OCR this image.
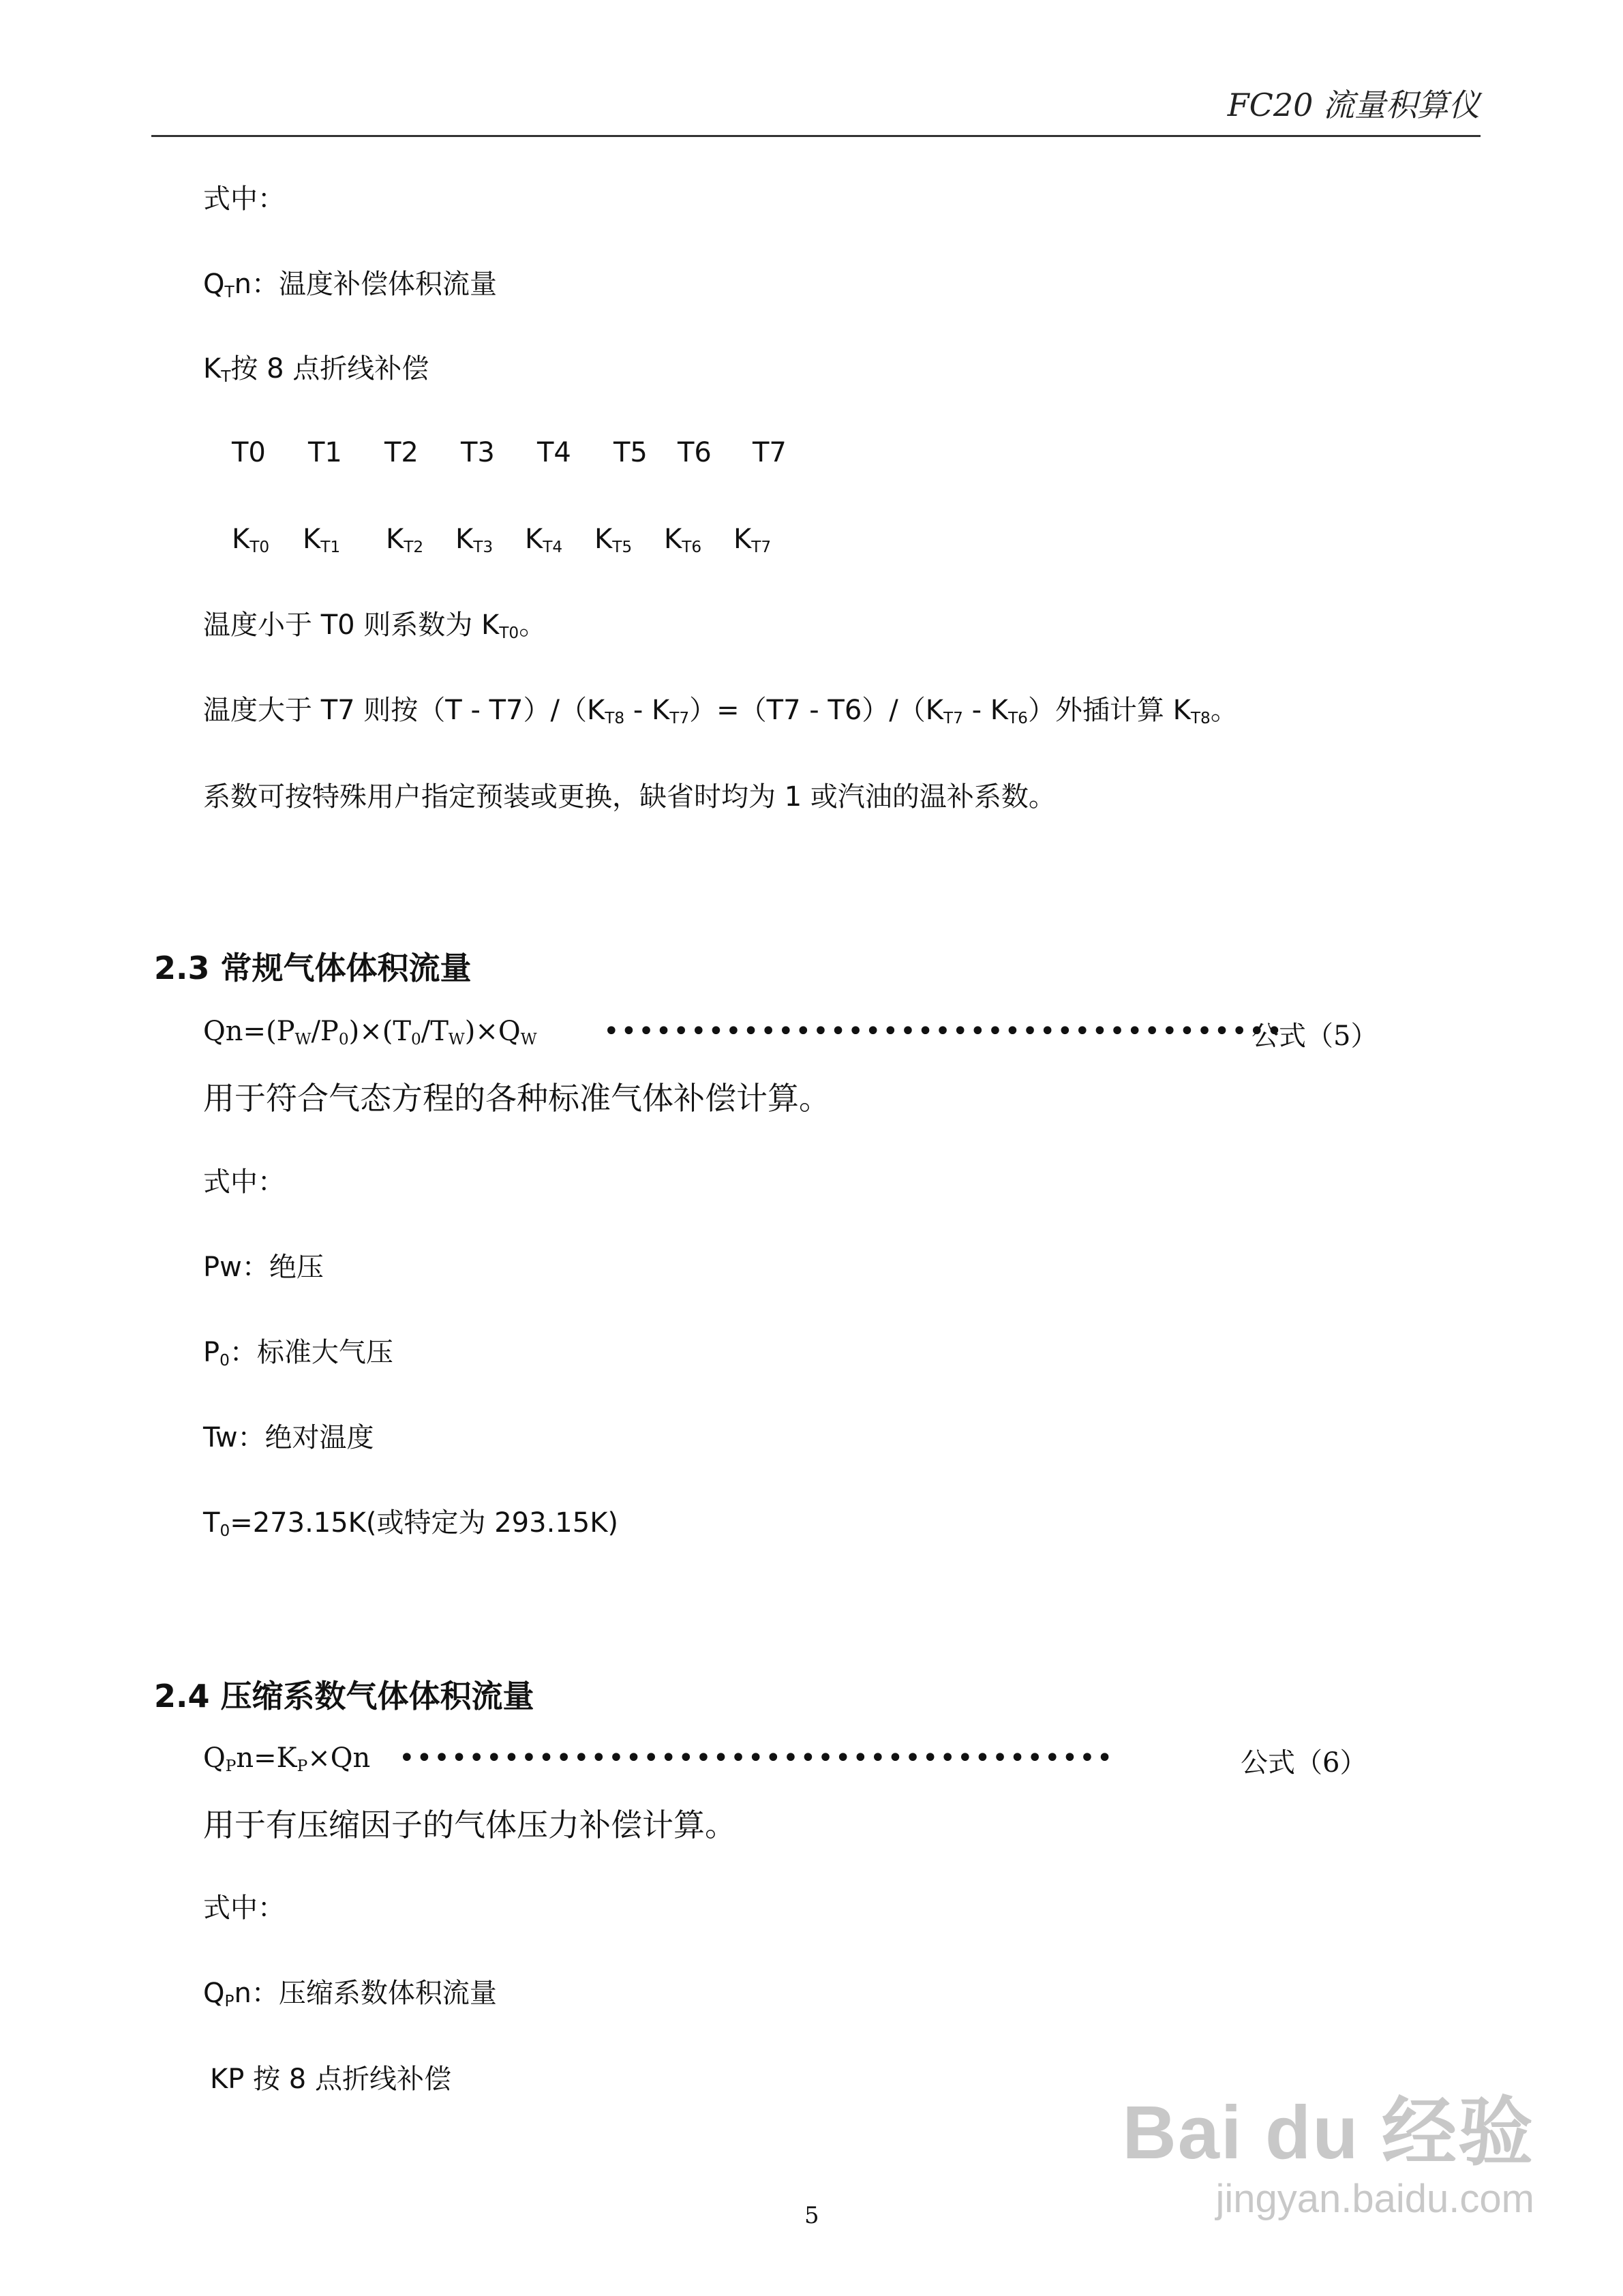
FC20 流量积算仪
式中：
$Q_Tn$：温度补偿体积流量
$K_T$按 8 点折线补偿
T0 T1 T2 T3 T4 T5 T6 T7
$K_{T0}$ $K_{T1}$ $K_{T2}$ $K_{T3}$ $K_{T4}$ $K_{T5}$ $K_{T6}$ $K_{T7}$
温度小于 T0 则系数为 $K_{T0}$。
温度大于 T7 则按$(T - T7)/(K_{T8} - K_{T7})=(T7 - T6)/(K_{T7} - K_{T6})$外插计算 $K_{T8}$。
系数可按特殊用户指定预装或更换，缺省时均为 1 或汽油的温补系数。
2.3 常规气体体积流量
$Qn=(P_W/P_0)\times(T_0/T_W)\times Q_W$ •••••••••••••••••••••••••••••••••••••••
公式（5）
用于符合气态方程的各种标准气体补偿计算。
式中：
Pw：绝压
$P_0$：标准大气压
Tw：绝对温度
$T_0=273.15K$(或特定为 293.15K)
2.4 压缩系数气体体积流量
$Q_Pn=K_P\times Qn$ •••••••••••••••••••••••••••••••••••••••••	公式（6）
用于有压缩因子的气体压力补偿计算。
式中：
$Q_Pn$：压缩系数体积流量
KP 按 8 点折线补偿
5
Bai du 经验
jingyan.baidu.com
